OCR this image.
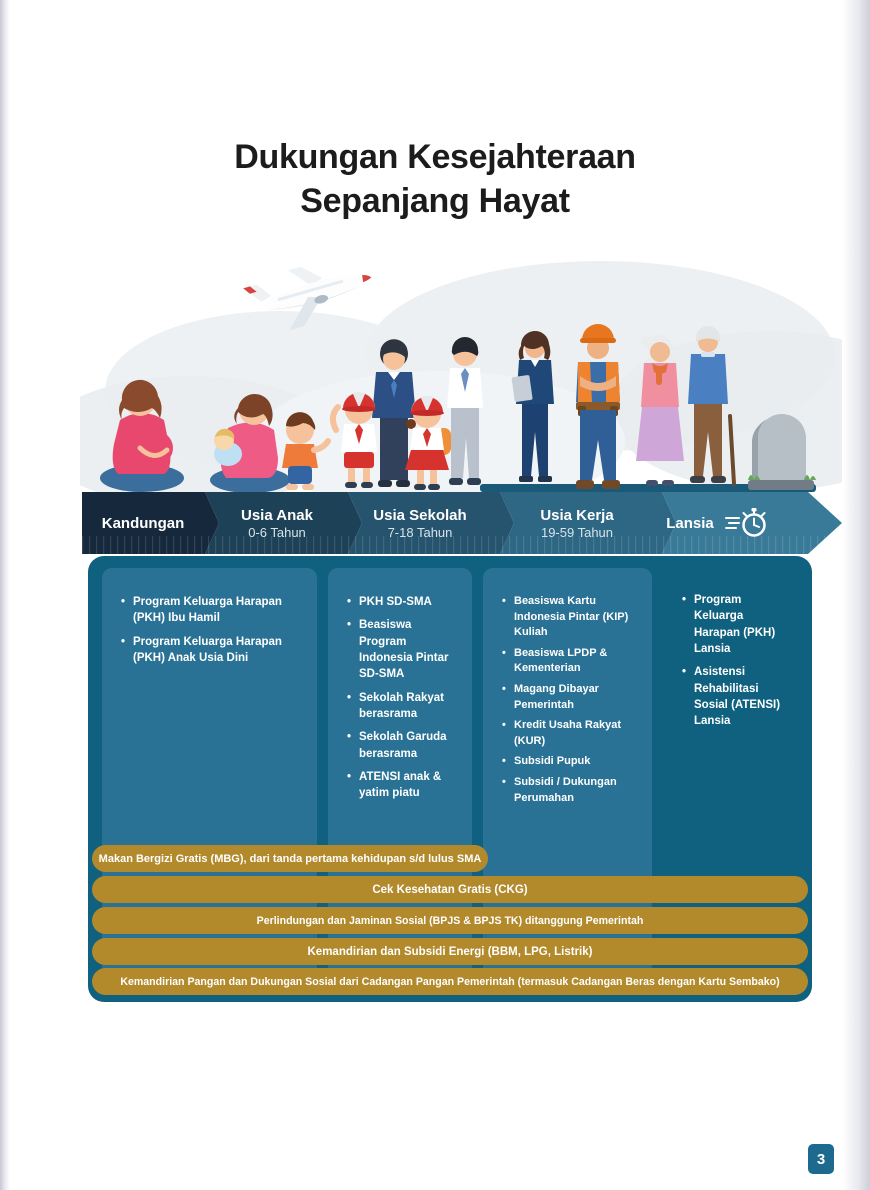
Dukungan Kesejahteraan
Sepanjang Hayat
Kandungan	Usia Anak
0-6 Tahun
Usia Sekolah
7-18 Tahun
Usia Kerja
19-59 Tahun
Lansia
• Program Keluarga Harapan (PKH) Ibu Hamil
• Program Keluarga Harapan (PKH) Anak Usia Dini
• PKH SD-SMA
• Beasiswa Program Indonesia Pintar SD-SMA
• Sekolah Rakyat berasrama
• Sekolah Garuda berasrama
• ATENSI anak & yatim piatu
• Beasiswa Kartu Indonesia Pintar (KIP) Kuliah
• Beasiswa LPDP & Kementerian
• Magang Dibayar Pemerintah
• Kredit Usaha Rakyat (KUR)
• Subsidi Pupuk
• Subsidi / Dukungan Perumahan
• Program Keluarga Harapan (PKH) Lansia
• Asistensi Rehabilitasi Sosial (ATENSI) Lansia
Makan Bergizi Gratis (MBG), dari tanda pertama kehidupan s/d lulus SMA
Cek Kesehatan Gratis (CKG)
Perlindungan dan Jaminan Sosial (BPJS & BPJS TK) ditanggung Pemerintah
Kemandirian dan Subsidi Energi (BBM, LPG, Listrik)
Kemandirian Pangan dan Dukungan Sosial dari Cadangan Pangan Pemerintah (termasuk Cadangan Beras dengan Kartu Sembako)
3
